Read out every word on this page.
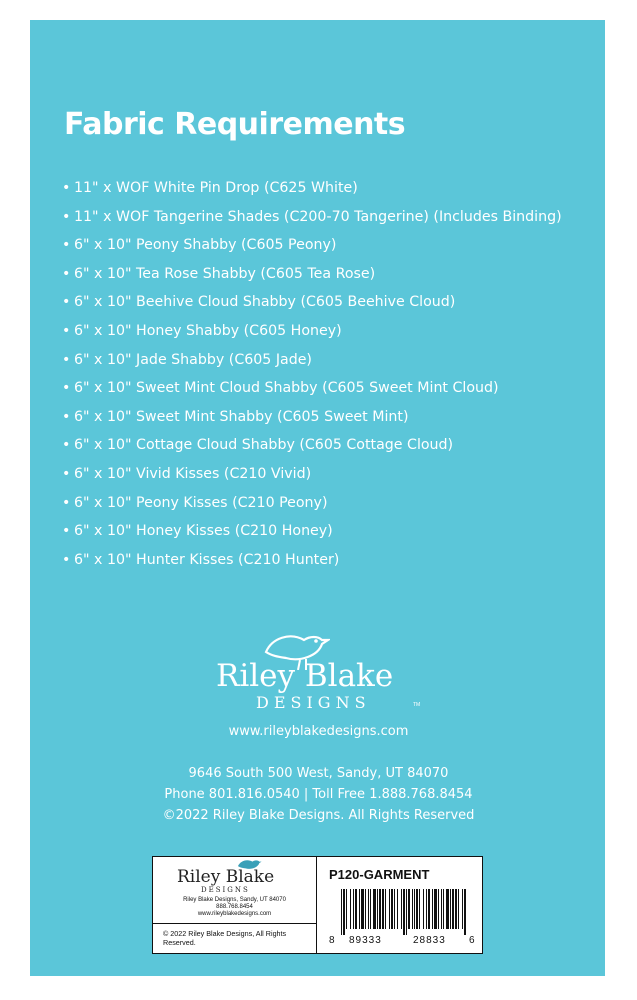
Fabric Requirements
• 11" x WOF White Pin Drop (C625 White)
• 11" x WOF Tangerine Shades (C200-70 Tangerine) (Includes Binding)
• 6" x 10" Peony Shabby (C605 Peony)
• 6" x 10" Tea Rose Shabby (C605 Tea Rose)
• 6" x 10" Beehive Cloud Shabby (C605 Beehive Cloud)
• 6" x 10" Honey Shabby (C605 Honey)
• 6" x 10" Jade Shabby (C605 Jade)
• 6" x 10" Sweet Mint Cloud Shabby (C605 Sweet Mint Cloud)
• 6" x 10" Sweet Mint Shabby (C605 Sweet Mint)
• 6" x 10" Cottage Cloud Shabby (C605 Cottage Cloud)
• 6" x 10" Vivid Kisses (C210 Vivid)
• 6" x 10" Peony Kisses (C210 Peony)
• 6" x 10" Honey Kisses (C210 Honey)
• 6" x 10" Hunter Kisses (C210 Hunter)
Riley Blake
DESIGNS	TM
www.rileyblakedesigns.com
9646 South 500 West, Sandy, UT 84070
Phone 801.816.0540 | Toll Free 1.888.768.8454
©2022 Riley Blake Designs. All Rights Reserved
Riley Blake
DESIGNS
Riley Blake Designs, Sandy, UT 84070
888.768.8454
www.rileyblakedesigns.com
© 2022 Riley Blake Designs, All Rights Reserved.
P120-GARMENT
8 89333	28833 6
